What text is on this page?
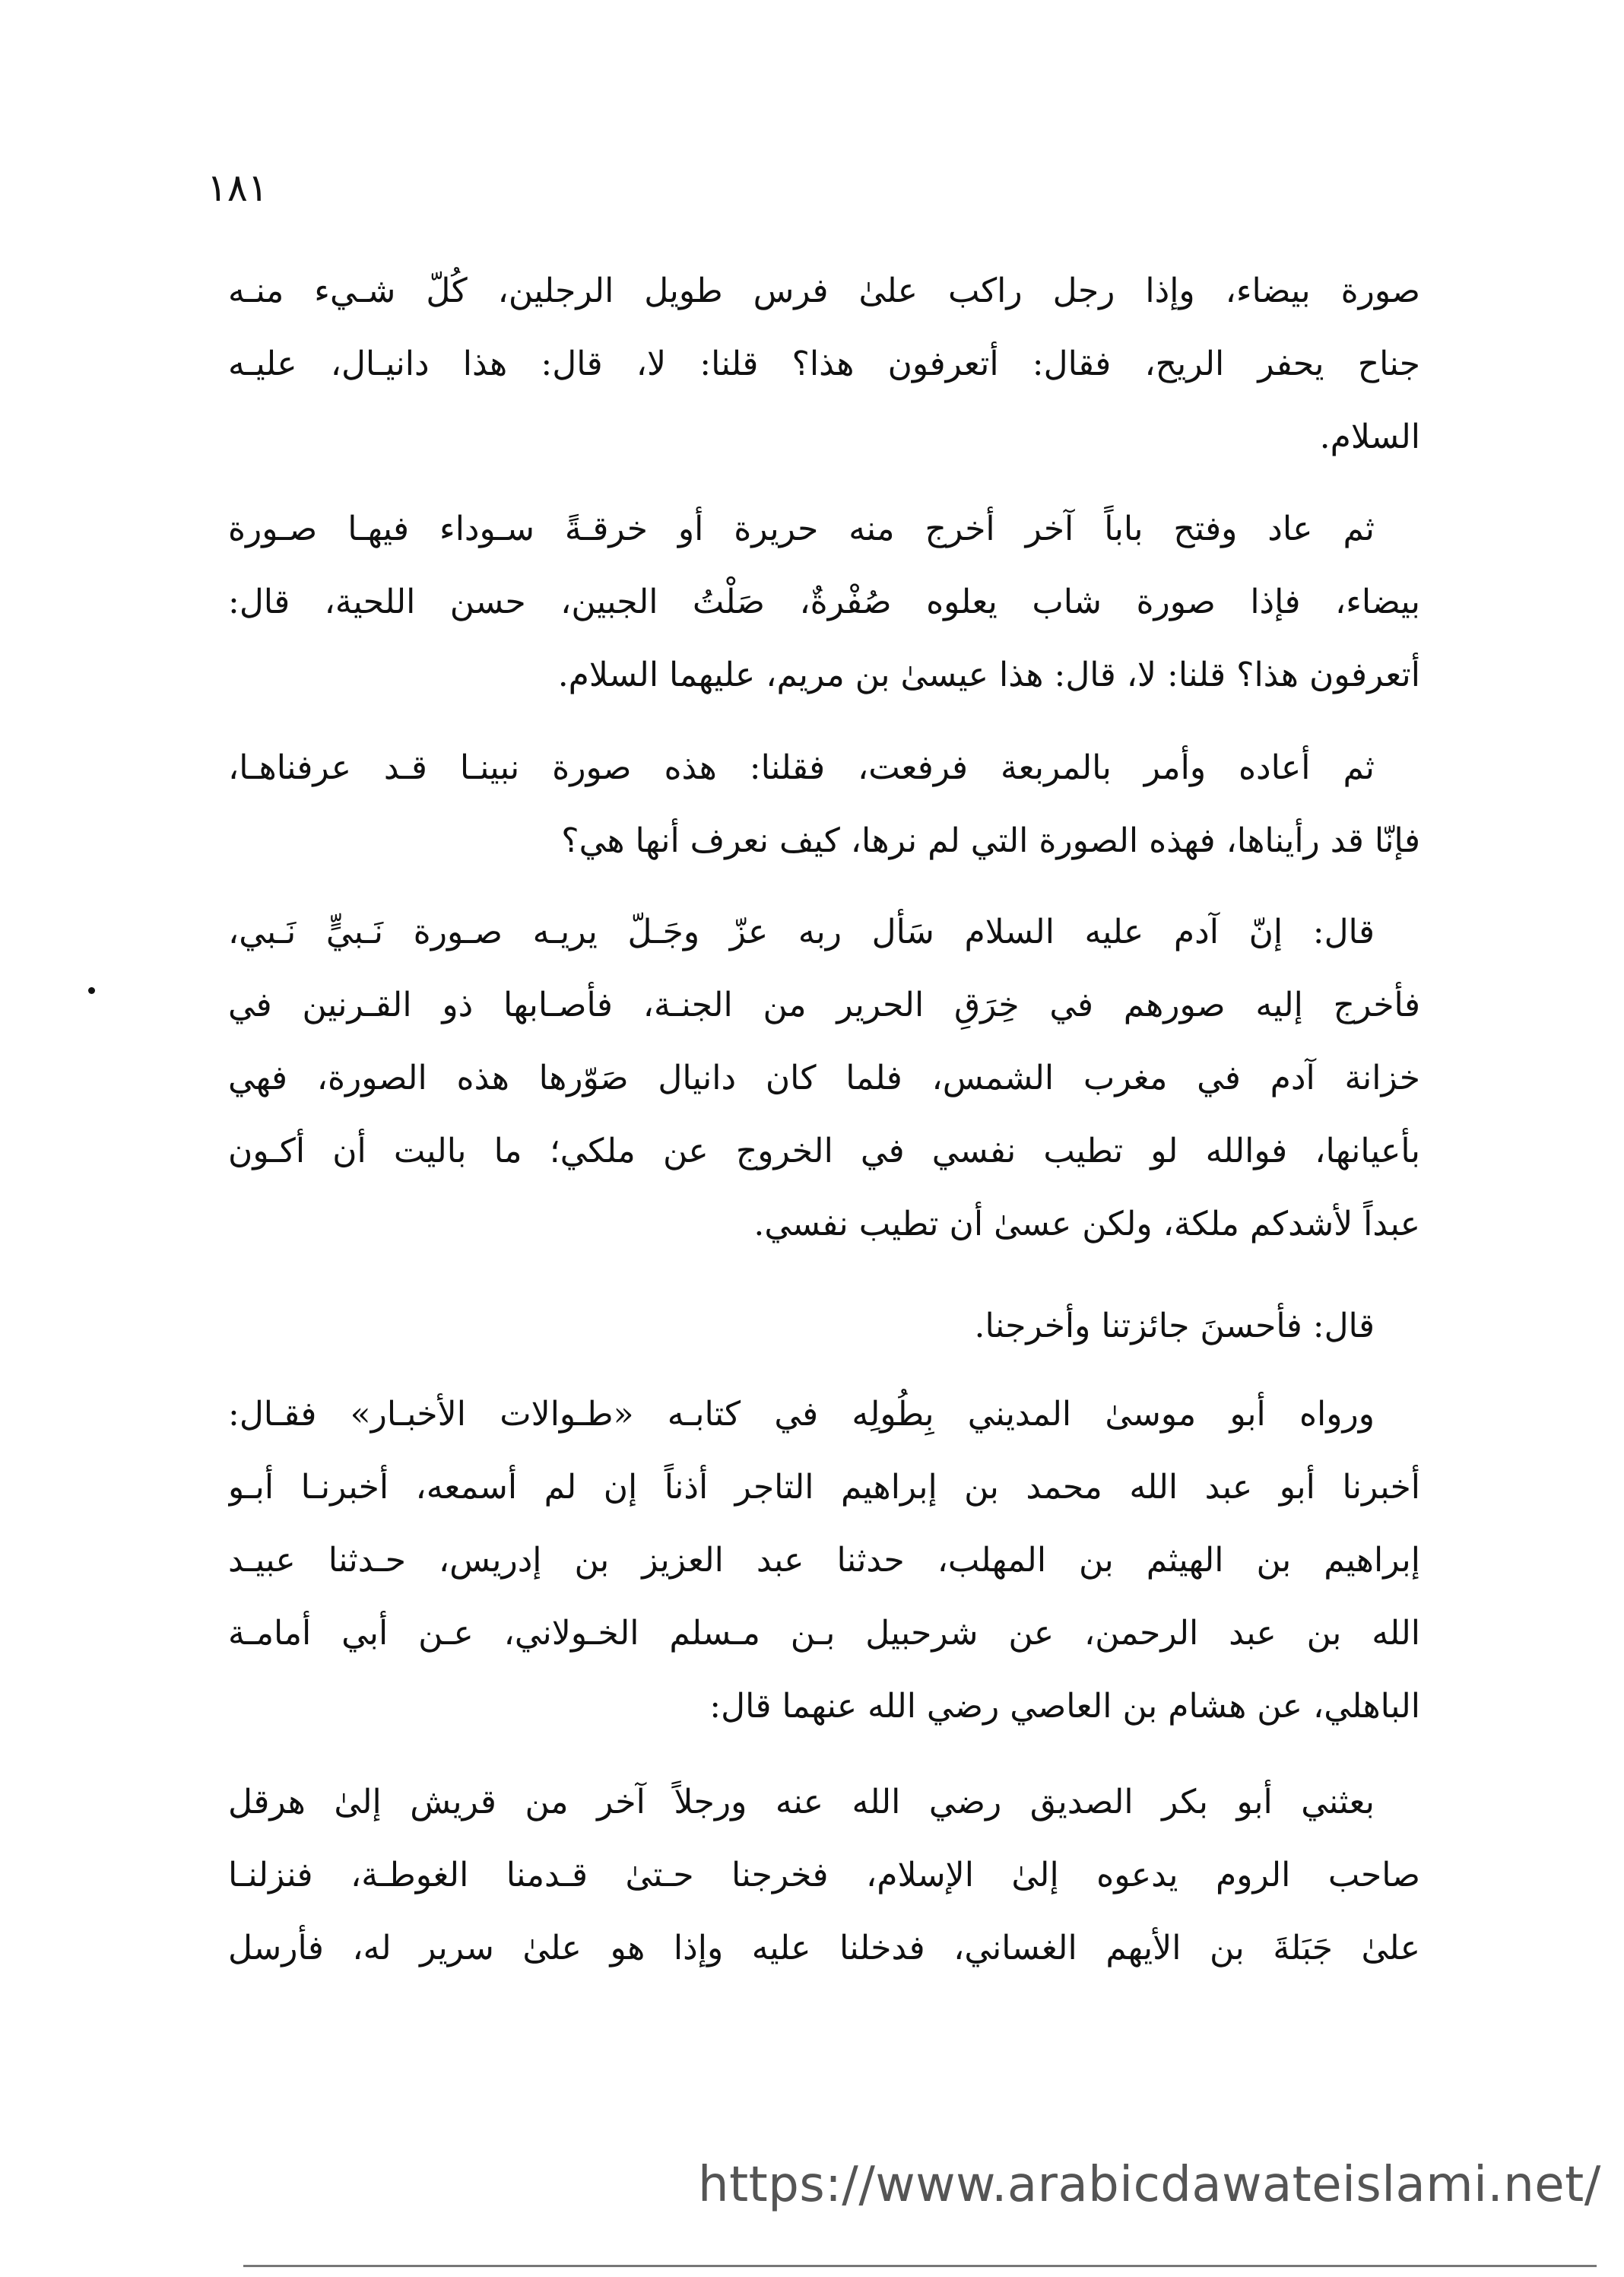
١٨١
صورة بيضاء، وإذا رجل راكب علىٰ فرس طويل الرجلين، كُلّ شـيء منـه
جناح يحفر الريح، فقال: أتعرفون هذا؟ قلنا: لا، قال: هذا دانيـال، عليـه
السلام.
ثم عاد وفتح باباً آخر أخرج منه حريرة أو خرقـةً سـوداء فيهـا صـورة
بيضاء، فإذا صورة شاب يعلوه صُفْرةٌ، صَلْتُ الجبين، حسن اللحية، قال:
أتعرفون هذا؟ قلنا: لا، قال: هذا عيسىٰ بن مريم، عليهما السلام.
ثم أعاده وأمر بالمربعة فرفعت، فقلنا: هذه صورة نبينـا قـد عرفناهـا،
فإنّا قد رأيناها، فهذه الصورة التي لم نرها، كيف نعرف أنها هي؟
قال: إنّ آدم عليه السلام سَأل ربه عزّ وجَـلّ يريـه صـورة نَـبيٍّ نَـبي،
فأخرج إليه صورهم في خِرَقِ الحرير من الجنـة، فأصـابها ذو القـرنين في
خزانة آدم في مغرب الشمس، فلما كان دانيال صَوّرها هذه الصورة، فهي
بأعيانها، فوالله لو تطيب نفسي في الخروج عن ملكي؛ ما باليت أن أكـون
عبداً لأشدكم ملكة، ولكن عسىٰ أن تطيب نفسي.
قال: فأحسنَ جائزتنا وأخرجنا.
ورواه أبو موسىٰ المديني بِطُولِه في كتابـه «طـوالات الأخبـار» فقـال:
أخبرنا أبو عبد الله محمد بن إبراهيم التاجر أذناً إن لم أسمعه، أخبرنـا أبـو
إبراهيم بن الهيثم بن المهلب، حدثنا عبد العزيز بن إدريس، حـدثنا عبيـد
الله بن عبد الرحمن، عن شرحبيل بـن مـسلم الخـولاني، عـن أبي أمامـة
الباهلي، عن هشام بن العاصي رضي الله عنهما قال:
بعثني أبو بكر الصديق رضي الله عنه ورجلاً آخر من قريش إلىٰ هرقل
صاحب الروم يدعوه إلىٰ الإسلام، فخرجنا حـتىٰ قـدمنا الغوطـة، فنزلنـا
علىٰ جَبَلةَ بن الأيهم الغساني، فدخلنا عليه وإذا هو علىٰ سرير له، فأرسل
https://www.arabicdawateislami.net/
